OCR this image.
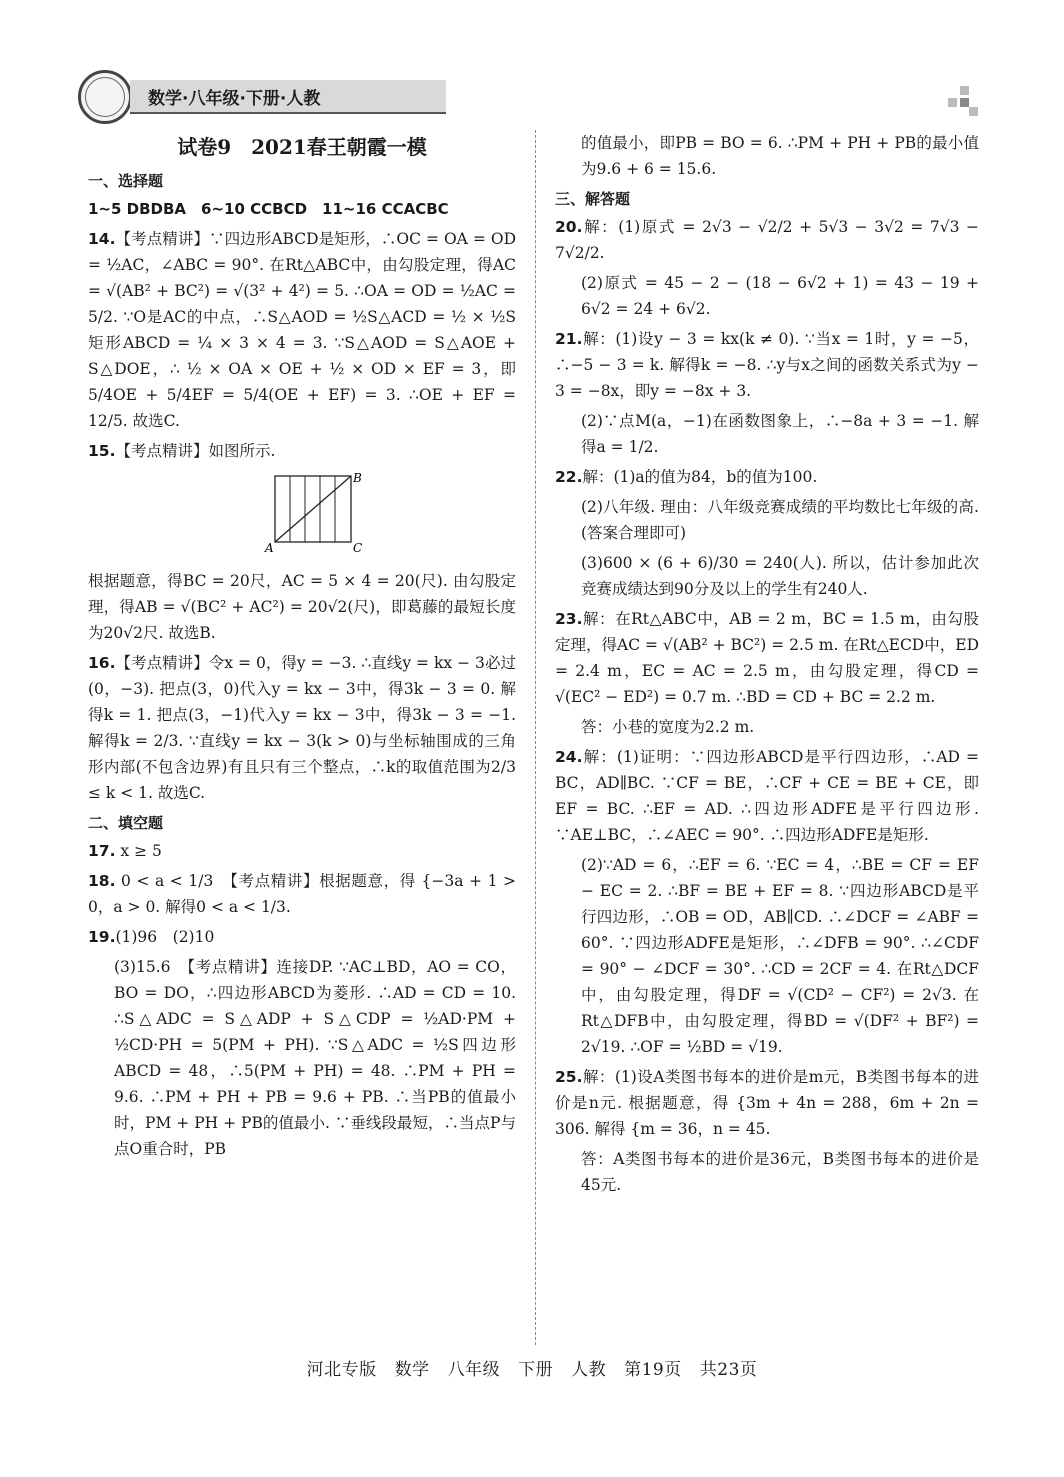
数学·八年级·下册·人教
试卷9　2021春王朝霞一模
一、选择题
1~5 DBDBA　6~10 CCBCD　11~16 CCACBC
14.【考点精讲】∵四边形ABCD是矩形，∴OC = OA = OD = ½AC，∠ABC = 90°. 在Rt△ABC中，由勾股定理，得AC = √(AB² + BC²) = √(3² + 4²) = 5. ∴OA = OD = ½AC = 5/2. ∵O是AC的中点，∴S△AOD = ½S△ACD = ½ × ½S矩形ABCD = ¼ × 3 × 4 = 3. ∵S△AOD = S△AOE + S△DOE，∴ ½ × OA × OE + ½ × OD × EF = 3，即 5/4OE + 5/4EF = 5/4(OE + EF) = 3. ∴OE + EF = 12/5. 故选C.
15.【考点精讲】如图所示.
A
B
C
根据题意，得BC = 20尺，AC = 5 × 4 = 20(尺). 由勾股定理，得AB = √(BC² + AC²) = 20√2(尺)，即葛藤的最短长度为20√2尺. 故选B.
16.【考点精讲】令x = 0，得y = −3. ∴直线y = kx − 3必过(0，−3). 把点(3，0)代入y = kx − 3中，得3k − 3 = 0. 解得k = 1. 把点(3，−1)代入y = kx − 3中，得3k − 3 = −1. 解得k = 2/3. ∵直线y = kx − 3(k > 0)与坐标轴围成的三角形内部(不包含边界)有且只有三个整点，∴k的取值范围为2/3 ≤ k < 1. 故选C.
二、填空题
17. x ≥ 5
18. 0 < a < 1/3　【考点精讲】根据题意，得 {−3a + 1 > 0，a > 0. 解得0 < a < 1/3.
19.(1)96　(2)10
(3)15.6　【考点精讲】连接DP. ∵AC⊥BD，AO = CO，BO = DO，∴四边形ABCD为菱形. ∴AD = CD = 10. ∴S△ADC = S△ADP + S△CDP = ½AD·PM + ½CD·PH = 5(PM + PH). ∵S△ADC = ½S四边形ABCD = 48，∴5(PM + PH) = 48. ∴PM + PH = 9.6. ∴PM + PH + PB = 9.6 + PB. ∴当PB的值最小时，PM + PH + PB的值最小. ∵垂线段最短，∴当点P与点O重合时，PB
的值最小，即PB = BO = 6. ∴PM + PH + PB的最小值为9.6 + 6 = 15.6.
三、解答题
20.解：(1)原式 = 2√3 − √2/2 + 5√3 − 3√2 = 7√3 − 7√2/2.
(2)原式 = 45 − 2 − (18 − 6√2 + 1) = 43 − 19 + 6√2 = 24 + 6√2.
21.解：(1)设y − 3 = kx(k ≠ 0). ∵当x = 1时，y = −5，∴−5 − 3 = k. 解得k = −8. ∴y与x之间的函数关系式为y − 3 = −8x，即y = −8x + 3.
(2)∵点M(a，−1)在函数图象上，∴−8a + 3 = −1. 解得a = 1/2.
22.解：(1)a的值为84，b的值为100.
(2)八年级. 理由：八年级竞赛成绩的平均数比七年级的高.(答案合理即可)
(3)600 × (6 + 6)/30 = 240(人). 所以，估计参加此次竞赛成绩达到90分及以上的学生有240人.
23.解：在Rt△ABC中，AB = 2 m，BC = 1.5 m，由勾股定理，得AC = √(AB² + BC²) = 2.5 m. 在Rt△ECD中，ED = 2.4 m，EC = AC = 2.5 m，由勾股定理，得CD = √(EC² − ED²) = 0.7 m. ∴BD = CD + BC = 2.2 m.
答：小巷的宽度为2.2 m.
24.解：(1)证明：∵四边形ABCD是平行四边形，∴AD = BC，AD∥BC. ∵CF = BE，∴CF + CE = BE + CE，即EF = BC. ∴EF = AD. ∴四边形ADFE是平行四边形. ∵AE⊥BC，∴∠AEC = 90°. ∴四边形ADFE是矩形.
(2)∵AD = 6，∴EF = 6. ∵EC = 4，∴BE = CF = EF − EC = 2. ∴BF = BE + EF = 8. ∵四边形ABCD是平行四边形，∴OB = OD，AB∥CD. ∴∠DCF = ∠ABF = 60°. ∵四边形ADFE是矩形，∴∠DFB = 90°. ∴∠CDF = 90° − ∠DCF = 30°. ∴CD = 2CF = 4. 在Rt△DCF中，由勾股定理，得DF = √(CD² − CF²) = 2√3. 在Rt△DFB中，由勾股定理，得BD = √(DF² + BF²) = 2√19. ∴OF = ½BD = √19.
25.解：(1)设A类图书每本的进价是m元，B类图书每本的进价是n元. 根据题意，得 {3m + 4n = 288，6m + 2n = 306. 解得 {m = 36，n = 45.
答：A类图书每本的进价是36元，B类图书每本的进价是45元.
河北专版 数学 八年级 下册 人教 第19页 共23页
